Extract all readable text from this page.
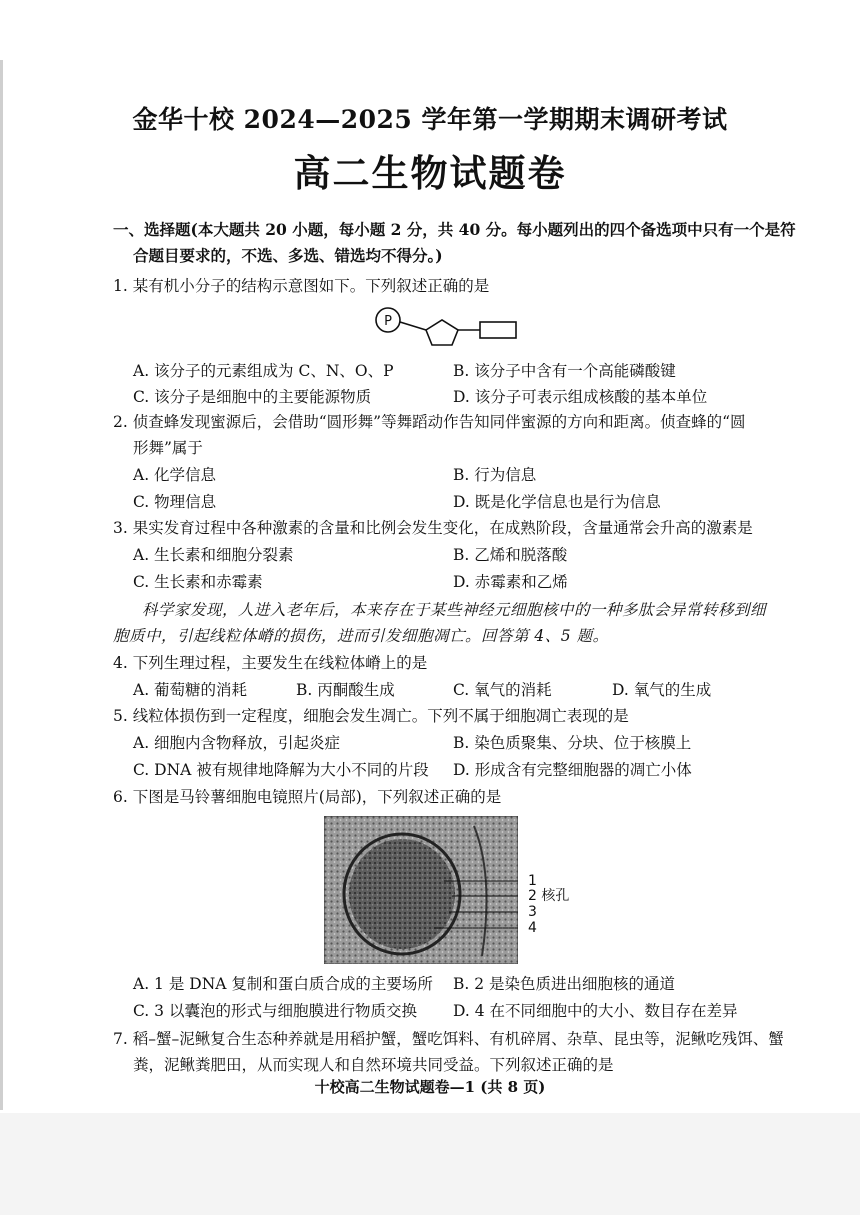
金华十校 2024—2025 学年第一学期期末调研考试
高二生物试题卷
一、选择题(本大题共 20 小题，每小题 2 分，共 40 分。每小题列出的四个备选项中只有一个是符
合题目要求的，不选、多选、错选均不得分。)
1. 某有机小分子的结构示意图如下。下列叙述正确的是
P
A. 该分子的元素组成为 C、N、O、P	B. 该分子中含有一个高能磷酸键
C. 该分子是细胞中的主要能源物质	D. 该分子可表示组成核酸的基本单位
2. 侦查蜂发现蜜源后，会借助“圆形舞”等舞蹈动作告知同伴蜜源的方向和距离。侦查蜂的“圆
形舞”属于
A. 化学信息	B. 行为信息
C. 物理信息	D. 既是化学信息也是行为信息
3. 果实发育过程中各种激素的含量和比例会发生变化，在成熟阶段，含量通常会升高的激素是
A. 生长素和细胞分裂素	B. 乙烯和脱落酸
C. 生长素和赤霉素	D. 赤霉素和乙烯
科学家发现，人进入老年后，本来存在于某些神经元细胞核中的一种多肽会异常转移到细
胞质中，引起线粒体嵴的损伤，进而引发细胞凋亡。回答第 4、5 题。
4. 下列生理过程，主要发生在线粒体嵴上的是
A. 葡萄糖的消耗	B. 丙酮酸生成	C. 氧气的消耗	D. 氧气的生成
5. 线粒体损伤到一定程度，细胞会发生凋亡。下列不属于细胞凋亡表现的是
A. 细胞内含物释放，引起炎症	B. 染色质聚集、分块、位于核膜上
C. DNA 被有规律地降解为大小不同的片段 D. 形成含有完整细胞器的凋亡小体
6. 下图是马铃薯细胞电镜照片(局部)，下列叙述正确的是
1
2 核孔
3
4
A. 1 是 DNA 复制和蛋白质合成的主要场所 B. 2 是染色质进出细胞核的通道
C. 3 以囊泡的形式与细胞膜进行物质交换 D. 4 在不同细胞中的大小、数目存在差异
7. 稻–蟹–泥鳅复合生态种养就是用稻护蟹，蟹吃饵料、有机碎屑、杂草、昆虫等，泥鳅吃残饵、蟹
粪，泥鳅粪肥田，从而实现人和自然环境共同受益。下列叙述正确的是
十校高二生物试题卷—1 (共 8 页)
